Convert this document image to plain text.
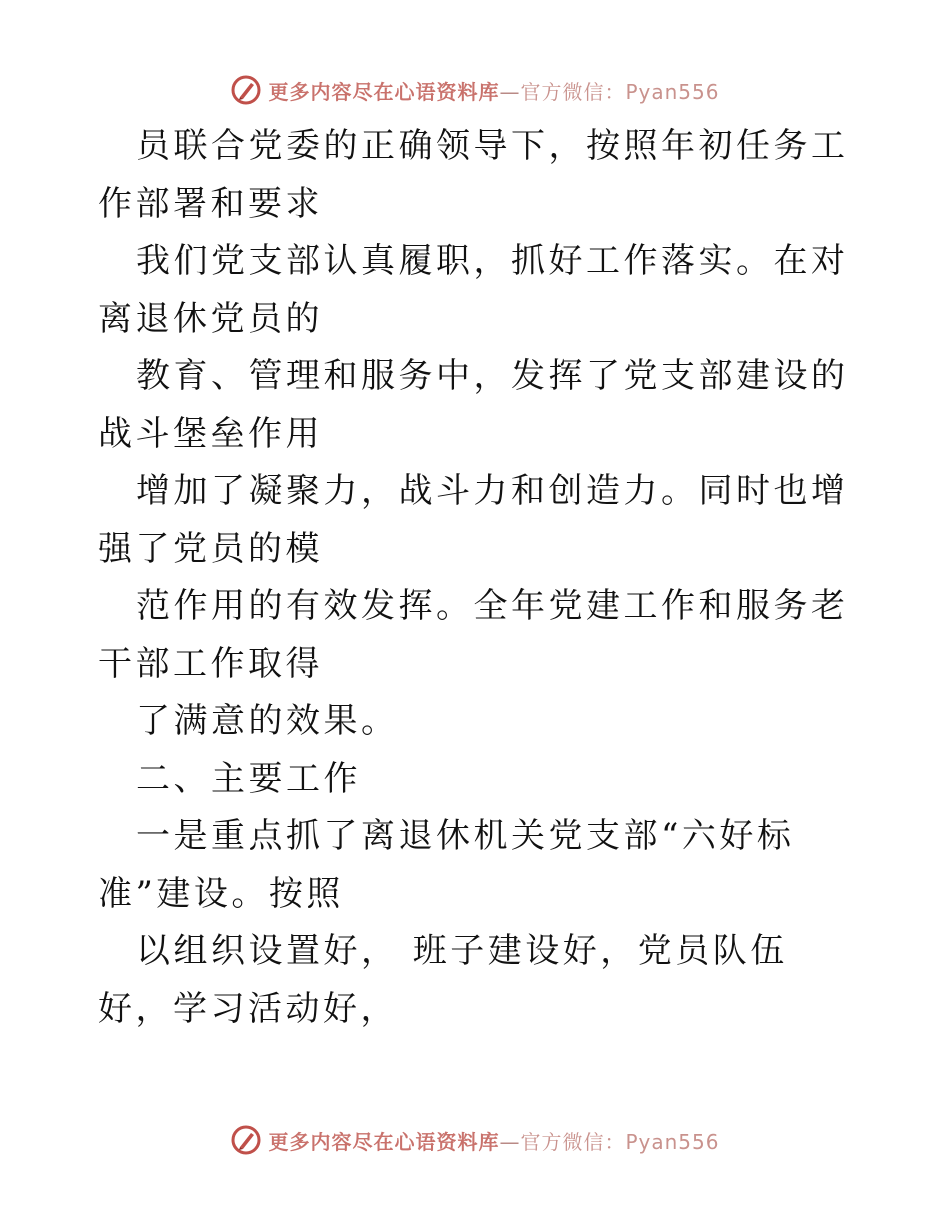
更多内容尽在心语资料库—官方微信：Pyan556

员联合党委的正确领导下，按照年初任务工作部署和要求

我们党支部认真履职，抓好工作落实。在对离退休党员的

教育、管理和服务中，发挥了党支部建设的战斗堡垒作用

增加了凝聚力，战斗力和创造力。同时也增强了党员的模

范作用的有效发挥。全年党建工作和服务老干部工作取得

了满意的效果。

二、主要工作

一是重点抓了离退休机关党支部“六好标准”建设。按照

以组织设置好， 班子建设好，党员队伍好，学习活动好，

更多内容尽在心语资料库—官方微信：Pyan556
